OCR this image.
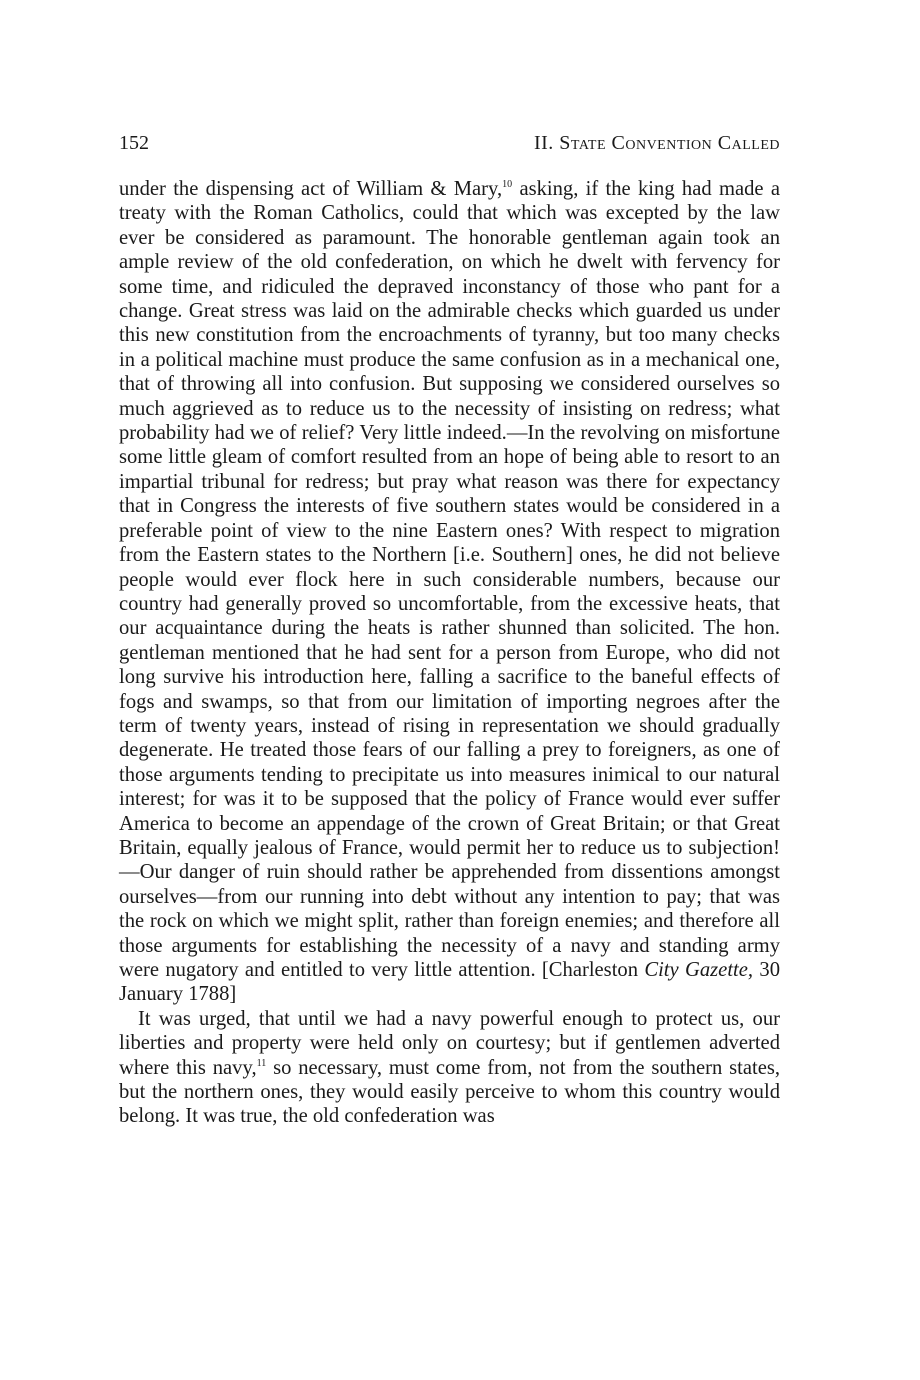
152	II. State Convention Called

under the dispensing act of William & Mary,$^{10}$ asking, if the king had made a treaty with the Roman Catholics, could that which was excepted by the law ever be considered as paramount. The honorable gentleman again took an ample review of the old confederation, on which he dwelt with fervency for some time, and ridiculed the depraved inconstancy of those who pant for a change. Great stress was laid on the admirable checks which guarded us under this new constitution from the encroachments of tyranny, but too many checks in a political machine must produce the same confusion as in a mechanical one, that of throwing all into confusion. But supposing we considered ourselves so much aggrieved as to reduce us to the necessity of insisting on redress; what probability had we of relief? Very little indeed.—In the revolving on misfortune some little gleam of comfort resulted from an hope of being able to resort to an impartial tribunal for redress; but pray what reason was there for expectancy that in Congress the interests of five southern states would be considered in a preferable point of view to the nine Eastern ones? With respect to migration from the Eastern states to the Northern [i.e. Southern] ones, he did not believe people would ever flock here in such considerable numbers, because our country had generally proved so uncomfortable, from the excessive heats, that our acquaintance during the heats is rather shunned than solicited. The hon. gentleman mentioned that he had sent for a person from Europe, who did not long survive his introduction here, falling a sacrifice to the baneful effects of fogs and swamps, so that from our limitation of importing negroes after the term of twenty years, instead of rising in representation we should gradually degenerate. He treated those fears of our falling a prey to foreigners, as one of those arguments tending to precipitate us into measures inimical to our natural interest; for was it to be supposed that the policy of France would ever suffer America to become an appendage of the crown of Great Britain; or that Great Britain, equally jealous of France, would permit her to reduce us to subjection!—Our danger of ruin should rather be apprehended from dissentions amongst ourselves—from our running into debt without any intention to pay; that was the rock on which we might split, rather than foreign enemies; and therefore all those arguments for establishing the necessity of a navy and standing army were nugatory and entitled to very little attention. [Charleston City Gazette, 30 January 1788]

It was urged, that until we had a navy powerful enough to protect us, our liberties and property were held only on courtesy; but if gentlemen adverted where this navy,$^{11}$ so necessary, must come from, not from the southern states, but the northern ones, they would easily perceive to whom this country would belong. It was true, the old confederation was
